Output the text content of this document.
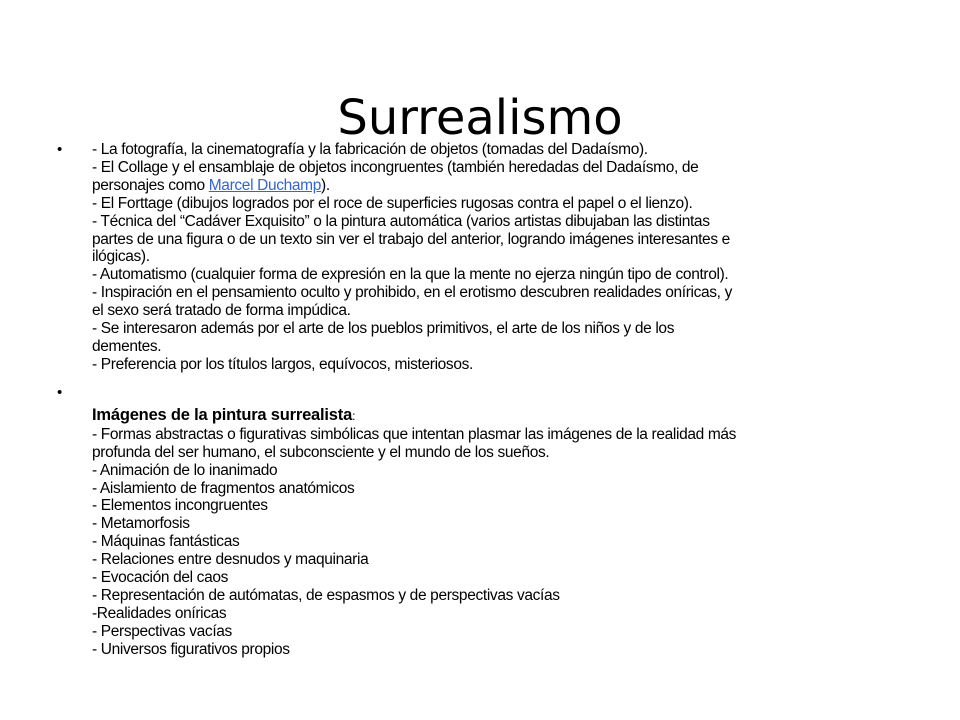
Surrealismo
• - La fotografía, la cinematografía y la fabricación de objetos (tomadas del Dadaísmo).
- El Collage y el ensamblaje de objetos incongruentes (también heredadas del Dadaísmo, de
personajes como Marcel Duchamp).
- El Forttage (dibujos logrados por el roce de superficies rugosas contra el papel o el lienzo).
- Técnica del “Cadáver Exquisito” o la pintura automática (varios artistas dibujaban las distintas
partes de una figura o de un texto sin ver el trabajo del anterior, logrando imágenes interesantes e
ilógicas).
- Automatismo (cualquier forma de expresión en la que la mente no ejerza ningún tipo de control).
- Inspiración en el pensamiento oculto y prohibido, en el erotismo descubren realidades oníricas, y
el sexo será tratado de forma impúdica.
- Se interesaron además por el arte de los pueblos primitivos, el arte de los niños y de los
dementes.
- Preferencia por los títulos largos, equívocos, misteriosos.
•
Imágenes de la pintura surrealista:
- Formas abstractas o figurativas simbólicas que intentan plasmar las imágenes de la realidad más
profunda del ser humano, el subconsciente y el mundo de los sueños.
- Animación de lo inanimado
- Aislamiento de fragmentos anatómicos
- Elementos incongruentes
- Metamorfosis
- Máquinas fantásticas
- Relaciones entre desnudos y maquinaria
- Evocación del caos
- Representación de autómatas, de espasmos y de perspectivas vacías
-Realidades oníricas
- Perspectivas vacías
- Universos figurativos propios
